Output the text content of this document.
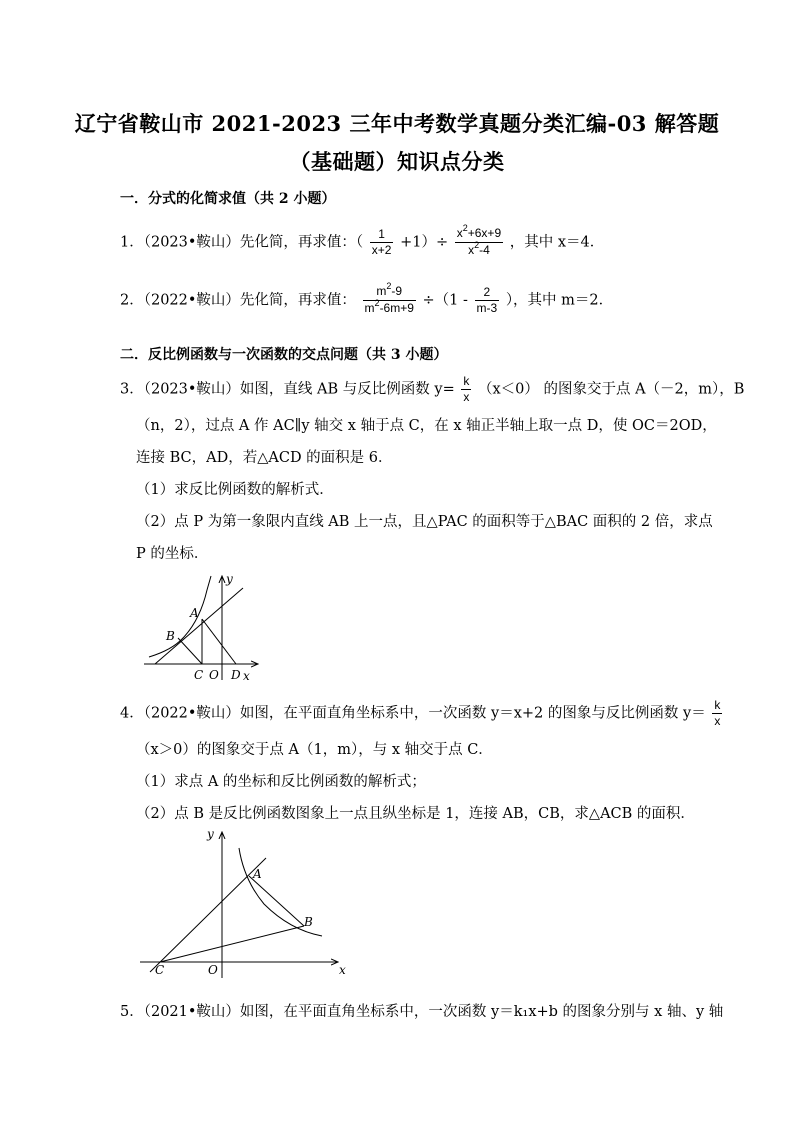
辽宁省鞍山市 2021-2023 三年中考数学真题分类汇编-03 解答题
（基础题）知识点分类
一．分式的化简求值（共 2 小题）
1．（2023•鞍山）先化简，再求值：（ $\frac{1}{x+2} +1)\div \frac{x^2+6x+9}{x^2-4}$ ，其中 x＝4．
2．（2022•鞍山）先化简，再求值： $\frac{m^2-9}{m^2-6m+9} \div(1 - \frac{2}{m-3}$ ），其中 m＝2．
二．反比例函数与一次函数的交点问题（共 3 小题）
3．（2023•鞍山）如图，直线 AB 与反比例函数 $y= \frac{k}{x} (x<0)$ 的图象交于点 A（－2，m），B
（n，2），过点 A 作 AC∥y 轴交 x 轴于点 C，在 x 轴正半轴上取一点 D，使 OC＝2OD，
连接 BC，AD，若△ACD 的面积是 6．
（1）求反比例函数的解析式．
（2）点 P 为第一象限内直线 AB 上一点，且△PAC 的面积等于△BAC 面积的 2 倍，求点
P 的坐标．
y
A
B
C O D x
4．（2022•鞍山）如图，在平面直角坐标系中，一次函数 y＝x+2 的图象与反比例函数 $y= \frac{k}{x}$
（x＞0）的图象交于点 A（1，m），与 x 轴交于点 C．
（1）求点 A 的坐标和反比例函数的解析式；
（2）点 B 是反比例函数图象上一点且纵坐标是 1，连接 AB，CB，求△ACB 的面积．
y
A
B
C	O	x
5．（2021•鞍山）如图，在平面直角坐标系中，一次函数 y＝k₁x+b 的图象分别与 x 轴、y 轴
